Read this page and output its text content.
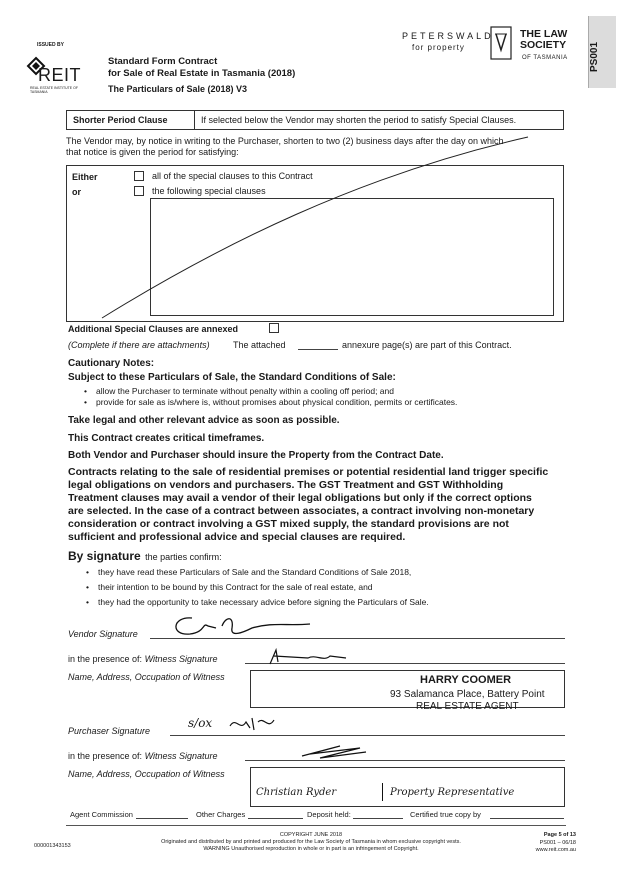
ISSUED BY
REIT
REAL ESTATE INSTITUTE OF TASMANIA
Standard Form Contract
for Sale of Real Estate in Tasmania (2018)
The Particulars of Sale (2018) V3
PETERSWALD
for property
THE LAW
SOCIETY
OF TASMANIA PS001
Shorter Period Clause	If selected below the Vendor may shorten the period to satisfy Special Clauses.
The Vendor may, by notice in writing to the Purchaser, shorten to two (2) business days after the day on which
that notice is given the period for satisfying:
Either
or
all of the special clauses to this Contract
the following special clauses
Additional Special Clauses are annexed
(Complete if there are attachments)	The attached	annexure page(s) are part of this Contract.
Cautionary Notes:
Subject to these Particulars of Sale, the Standard Conditions of Sale:
• allow the Purchaser to terminate without penalty within a cooling off period; and
• provide for sale as is/where is, without promises about physical condition, permits or certificates.
Take legal and other relevant advice as soon as possible.
This Contract creates critical timeframes.
Both Vendor and Purchaser should insure the Property from the Contract Date.
Contracts relating to the sale of residential premises or potential residential land trigger specific
legal obligations on vendors and purchasers. The GST Treatment and GST Withholding
Treatment clauses may avail a vendor of their legal obligations but only if the correct options
are selected. In the case of a contract between associates, a contract involving non-monetary
consideration or contract involving a GST mixed supply, the standard provisions are not
sufficient and professional advice and special clauses are required.
By signature the parties confirm:
• they have read these Particulars of Sale and the Standard Conditions of Sale 2018,
• their intention to be bound by this Contract for the sale of real estate, and
• they had the opportunity to take necessary advice before signing the Particulars of Sale.
Vendor Signature
in the presence of: Witness Signature
Name, Address, Occupation of Witness	HARRY COOMER
93 Salamanca Place, Battery Point
REAL ESTATE AGENT
Purchaser Signature
s/ox
in the presence of: Witness Signature
Name, Address, Occupation of Witness
Christian Ryder	Property Representative
Agent Commission	Other Charges	Deposit held:	Certified true copy by
000001343153
COPYRIGHT JUNE 2018
Originated and distributed by and printed and produced for the Law Society of Tasmania in whom exclusive copyright vests.
WARNING Unauthorised reproduction in whole or in part is an infringement of Copyright.
Page 5 of 13
PS001 – 06/18
www.reit.com.au
